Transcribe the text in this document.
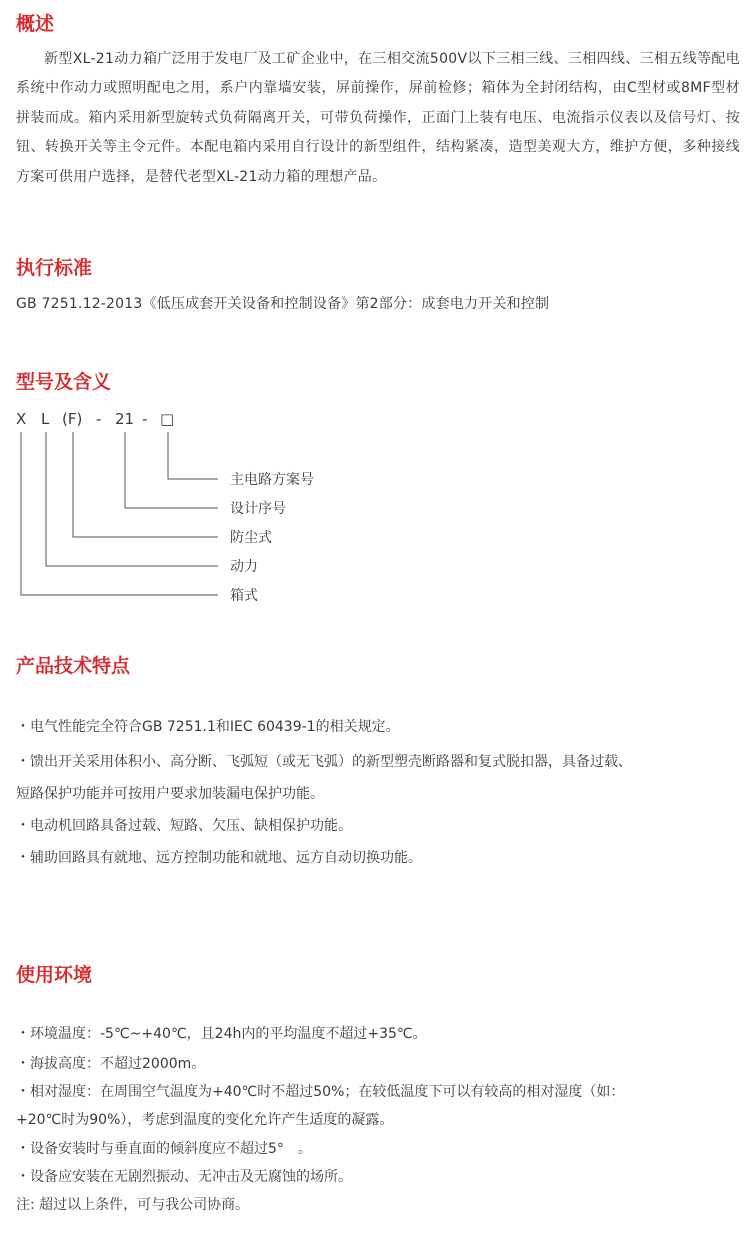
概述

新型XL-21动力箱广泛用于发电厂及工矿企业中，在三相交流500V以下三相三线、三相四线、三相五线等配电系统中作动力或照明配电之用，系户内靠墙安装，屏前操作，屏前检修；箱体为全封闭结构，由C型材或8MF型材拼装而成。箱内采用新型旋转式负荷隔离开关，可带负荷操作，正面门上装有电压、电流指示仪表以及信号灯、按钮、转换开关等主令元件。本配电箱内采用自行设计的新型组件，结构紧凑，造型美观大方，维护方便，多种接线方案可供用户选择，是替代老型XL-21动力箱的理想产品。

执行标准

GB 7251.12-2013《低压成套开关设备和控制设备》第2部分：成套电力开关和控制

型号及含义
X L (F) - 21 - □
主电路方案号
设计序号
防尘式
动力
箱式
产品技术特点
・电气性能完全符合GB 7251.1和IEC 60439-1的相关规定。
・馈出开关采用体积小、高分断、飞弧短（或无飞弧）的新型塑壳断路器和复式脱扣器，具备过载、
短路保护功能并可按用户要求加装漏电保护功能。
・电动机回路具备过载、短路、欠压、缺相保护功能。
・辅助回路具有就地、远方控制功能和就地、远方自动切换功能。
使用环境
・环境温度：-5℃~+40℃，且24h内的平均温度不超过+35℃。
・海拔高度：不超过2000m。
・相对湿度：在周围空气温度为+40℃时不超过50%；在较低温度下可以有较高的相对湿度（如：
+20℃时为90%），考虑到温度的变化允许产生适度的凝露。
・设备安装时与垂直面的倾斜度应不超过5°　。
・设备应安装在无剧烈振动、无冲击及无腐蚀的场所。
注: 超过以上条件，可与我公司协商。
